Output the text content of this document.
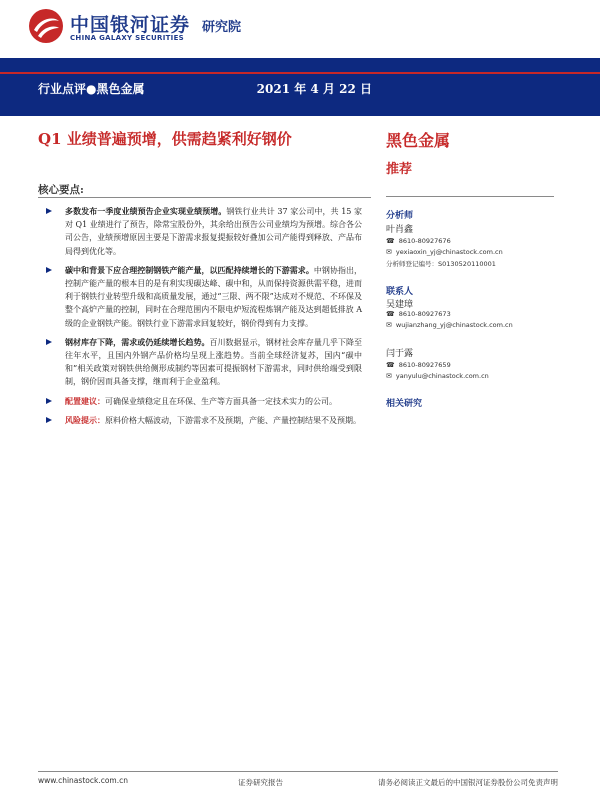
中国银河证券
CHINA GALAXY SECURITIES
研究院
行业点评●黑色金属	2021 年 4 月 22 日
Q1 业绩普遍预增，供需趋紧利好钢价	黑色金属
推荐
核心要点:
多数发布一季度业绩预告企业实现业绩预增。钢铁行业共计 37 家公司中，共 15 家对 Q1 业绩进行了预告，除常宝股份外，其余给出预告公司业绩均为预增。综合各公司公告，业绩预增原因主要是下游需求报复提振较好叠加公司产能得到释放、产品布局得到优化等。
碳中和背景下应合理控制钢铁产能产量，以匹配持续增长的下游需求。中钢协指出，控制产能产量的根本目的是有利实现碳达峰、碳中和，从而保持资源供需平稳，进而利于钢铁行业转型升级和高质量发展，通过“三限、两不限”达成对不规范、不环保及整个高炉产量的控制，同时在合理范围内不限电炉短流程炼钢产能及达到超低排放 A 级的企业钢铁产能。钢铁行业下游需求回复较好，钢价得到有力支撑。
钢材库存下降，需求或仍延续增长趋势。百川数据显示，钢材社会库存量几乎下降至往年水平，且国内外钢产品价格均呈现上涨趋势。当前全球经济复苏，国内“碳中和”相关政策对钢铁供给侧形成制约等因素可提振钢材下游需求，同时供给端受到限制，钢价因而具备支撑，继而利于企业盈利。
配置建议：可确保业绩稳定且在环保、生产等方面具备一定技术实力的公司。
风险提示：原料价格大幅波动，下游需求不及预期，产能、产量控制结果不及预期。
分析师
叶肖鑫
☎ 8610-80927676
✉ yexiaoxin_yj@chinastock.com.cn
分析师登记编号：S0130520110001
联系人
吴建璋
☎ 8610-80927673
✉ wujianzhang_yj@chinastock.com.cn
闫于露
☎ 8610-80927659
✉ yanyulu@chinastock.com.cn
相关研究
www.chinastock.com.cn	证券研究报告	请务必阅读正文最后的中国银河证券股份公司免责声明
